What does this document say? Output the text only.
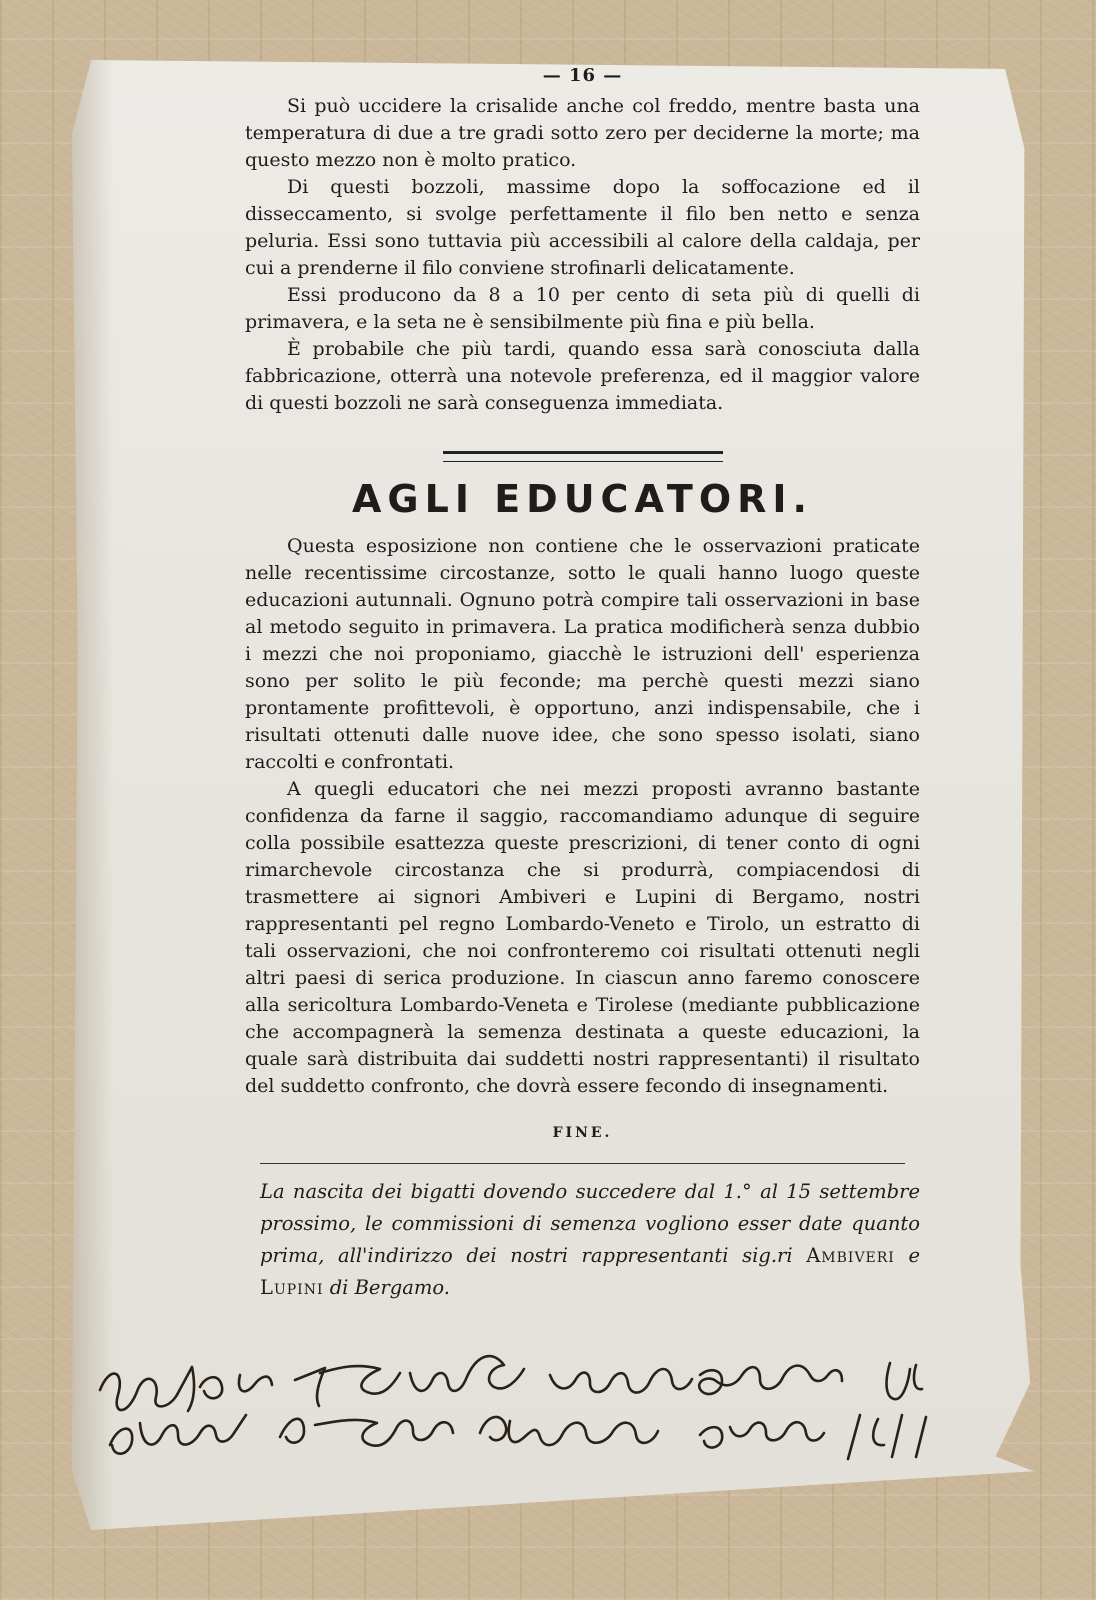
— 16 —

Si può uccidere la crisalide anche col freddo, mentre basta una temperatura di due a tre gradi sotto zero per deciderne la morte; ma questo mezzo non è molto pratico.

Di questi bozzoli, massime dopo la soffocazione ed il disseccamento, si svolge perfettamente il filo ben netto e senza peluria. Essi sono tuttavia più accessibili al calore della caldaja, per cui a prenderne il filo conviene strofinarli delicatamente.

Essi producono da 8 a 10 per cento di seta più di quelli di primavera, e la seta ne è sensibilmente più fina e più bella.

È probabile che più tardi, quando essa sarà conosciuta dalla fabbricazione, otterrà una notevole preferenza, ed il maggior valore di questi bozzoli ne sarà conseguenza immediata.

AGLI EDUCATORI.

Questa esposizione non contiene che le osservazioni praticate nelle recentissime circostanze, sotto le quali hanno luogo queste educazioni autunnali. Ognuno potrà compire tali osservazioni in base al metodo seguito in primavera. La pratica modificherà senza dubbio i mezzi che noi proponiamo, giacchè le istruzioni dell' esperienza sono per solito le più feconde; ma perchè questi mezzi siano prontamente profittevoli, è opportuno, anzi indispensabile, che i risultati ottenuti dalle nuove idee, che sono spesso isolati, siano raccolti e confrontati.

A quegli educatori che nei mezzi proposti avranno bastante confidenza da farne il saggio, raccomandiamo adunque di seguire colla possibile esattezza queste prescrizioni, di tener conto di ogni rimarchevole circostanza che si produrrà, compiacendosi di trasmettere ai signori Ambiveri e Lupini di Bergamo, nostri rappresentanti pel regno Lombardo-Veneto e Tirolo, un estratto di tali osservazioni, che noi confronteremo coi risultati ottenuti negli altri paesi di serica produzione. In ciascun anno faremo conoscere alla sericoltura Lombardo-Veneta e Tirolese (mediante pubblicazione che accompagnerà la semenza destinata a queste educazioni, la quale sarà distribuita dai suddetti nostri rappresentanti) il risultato del suddetto confronto, che dovrà essere fecondo di insegnamenti.

FINE.

La nascita dei bigatti dovendo succedere dal 1.° al 15 settembre prossimo, le commissioni di semenza vogliono esser date quanto prima, all'indirizzo dei nostri rappresentanti sig.ri Ambiveri e Lupini di Bergamo.

1811
